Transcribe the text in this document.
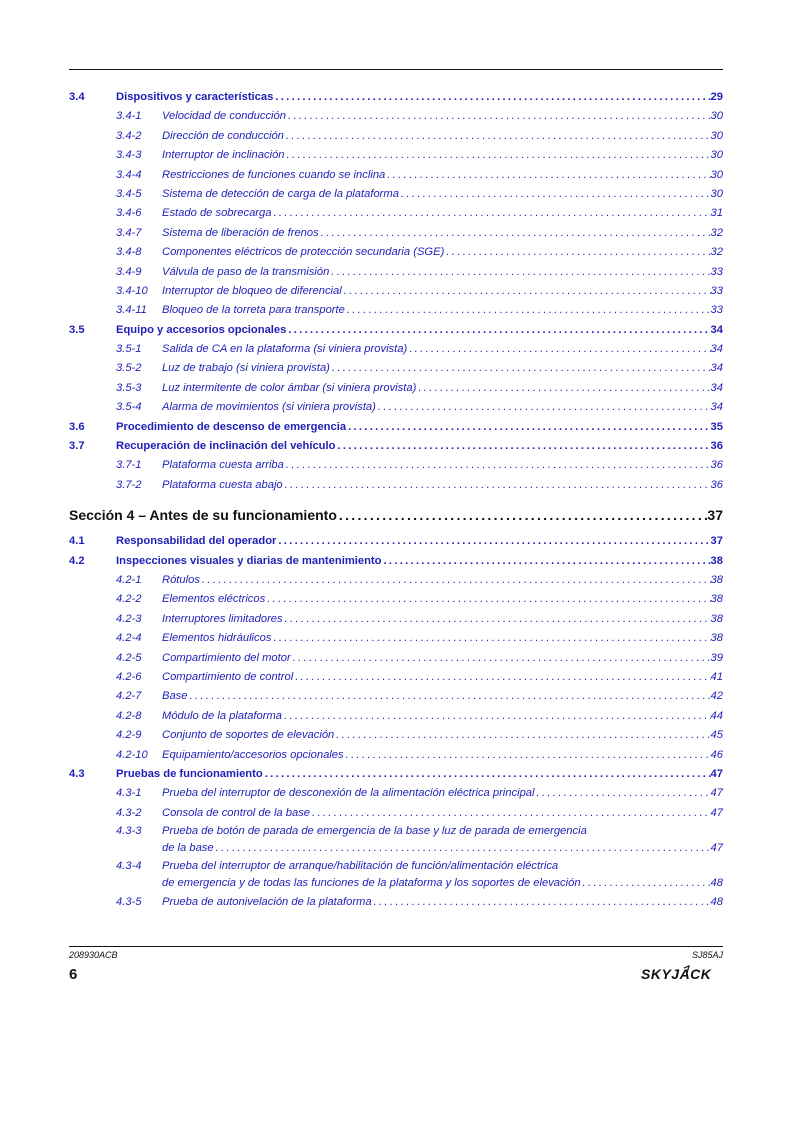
3.4	Dispositivos y características .....	29
3.4-1 Velocidad de conducción .....	30
3.4-2 Dirección de conducción .....	30
3.4-3 Interruptor de inclinación .....	30
3.4-4 Restricciones de funciones cuando se inclina .....	30
3.4-5 Sistema de detección de carga de la plataforma .....	30
3.4-6 Estado de sobrecarga .....	31
3.4-7 Sistema de liberación de frenos .....	32
3.4-8 Componentes eléctricos de protección secundaria (SGE) .....	32
3.4-9 Válvula de paso de la transmisión .....	33
3.4-10 Interruptor de bloqueo de diferencial .....	33
3.4-11 Bloqueo de la torreta para transporte .....	33
3.5	Equipo y accesorios opcionales .....	34
3.5-1 Salida de CA en la plataforma (si viniera provista) .....	34
3.5-2 Luz de trabajo (si viniera provista) .....	34
3.5-3 Luz intermitente de color ámbar (si viniera provista) .....	34
3.5-4 Alarma de movimientos (si viniera provista) .....	34
3.6	Procedimiento de descenso de emergencia .....	35
3.7	Recuperación de inclinación del vehículo .....	36
3.7-1 Plataforma cuesta arriba .....	36
3.7-2 Plataforma cuesta abajo .....	36
Sección 4 – Antes de su funcionamiento .....	37
4.1	Responsabilidad del operador .....	37
4.2	Inspecciones visuales y diarias de mantenimiento .....	38
4.2-1 Rótulos .....	38
4.2-2 Elementos eléctricos .....	38
4.2-3 Interruptores limitadores .....	38
4.2-4 Elementos hidráulicos .....	38
4.2-5 Compartimiento del motor .....	39
4.2-6 Compartimiento de control .....	41
4.2-7 Base .....	42
4.2-8 Módulo de la plataforma .....	44
4.2-9 Conjunto de soportes de elevación .....	45
4.2-10 Equipamiento/accesorios opcionales .....	46
4.3	Pruebas de funcionamiento .....	47
4.3-1 Prueba del interruptor de desconexión de la alimentación eléctrica principal .....	47
4.3-2 Consola de control de la base .....	47
4.3-3 Prueba de botón de parada de emergencia de la base y luz de parada de emergencia
de la base .....	47
4.3-4 Prueba del interruptor de arranque/habilitación de función/alimentación eléctrica
de emergencia y de todas las funciones de la plataforma y los soportes de elevación .....	48
4.3-5 Prueba de autonivelación de la plataforma .....	48
208930ACB	SJ85AJ
6	SKYJACK
